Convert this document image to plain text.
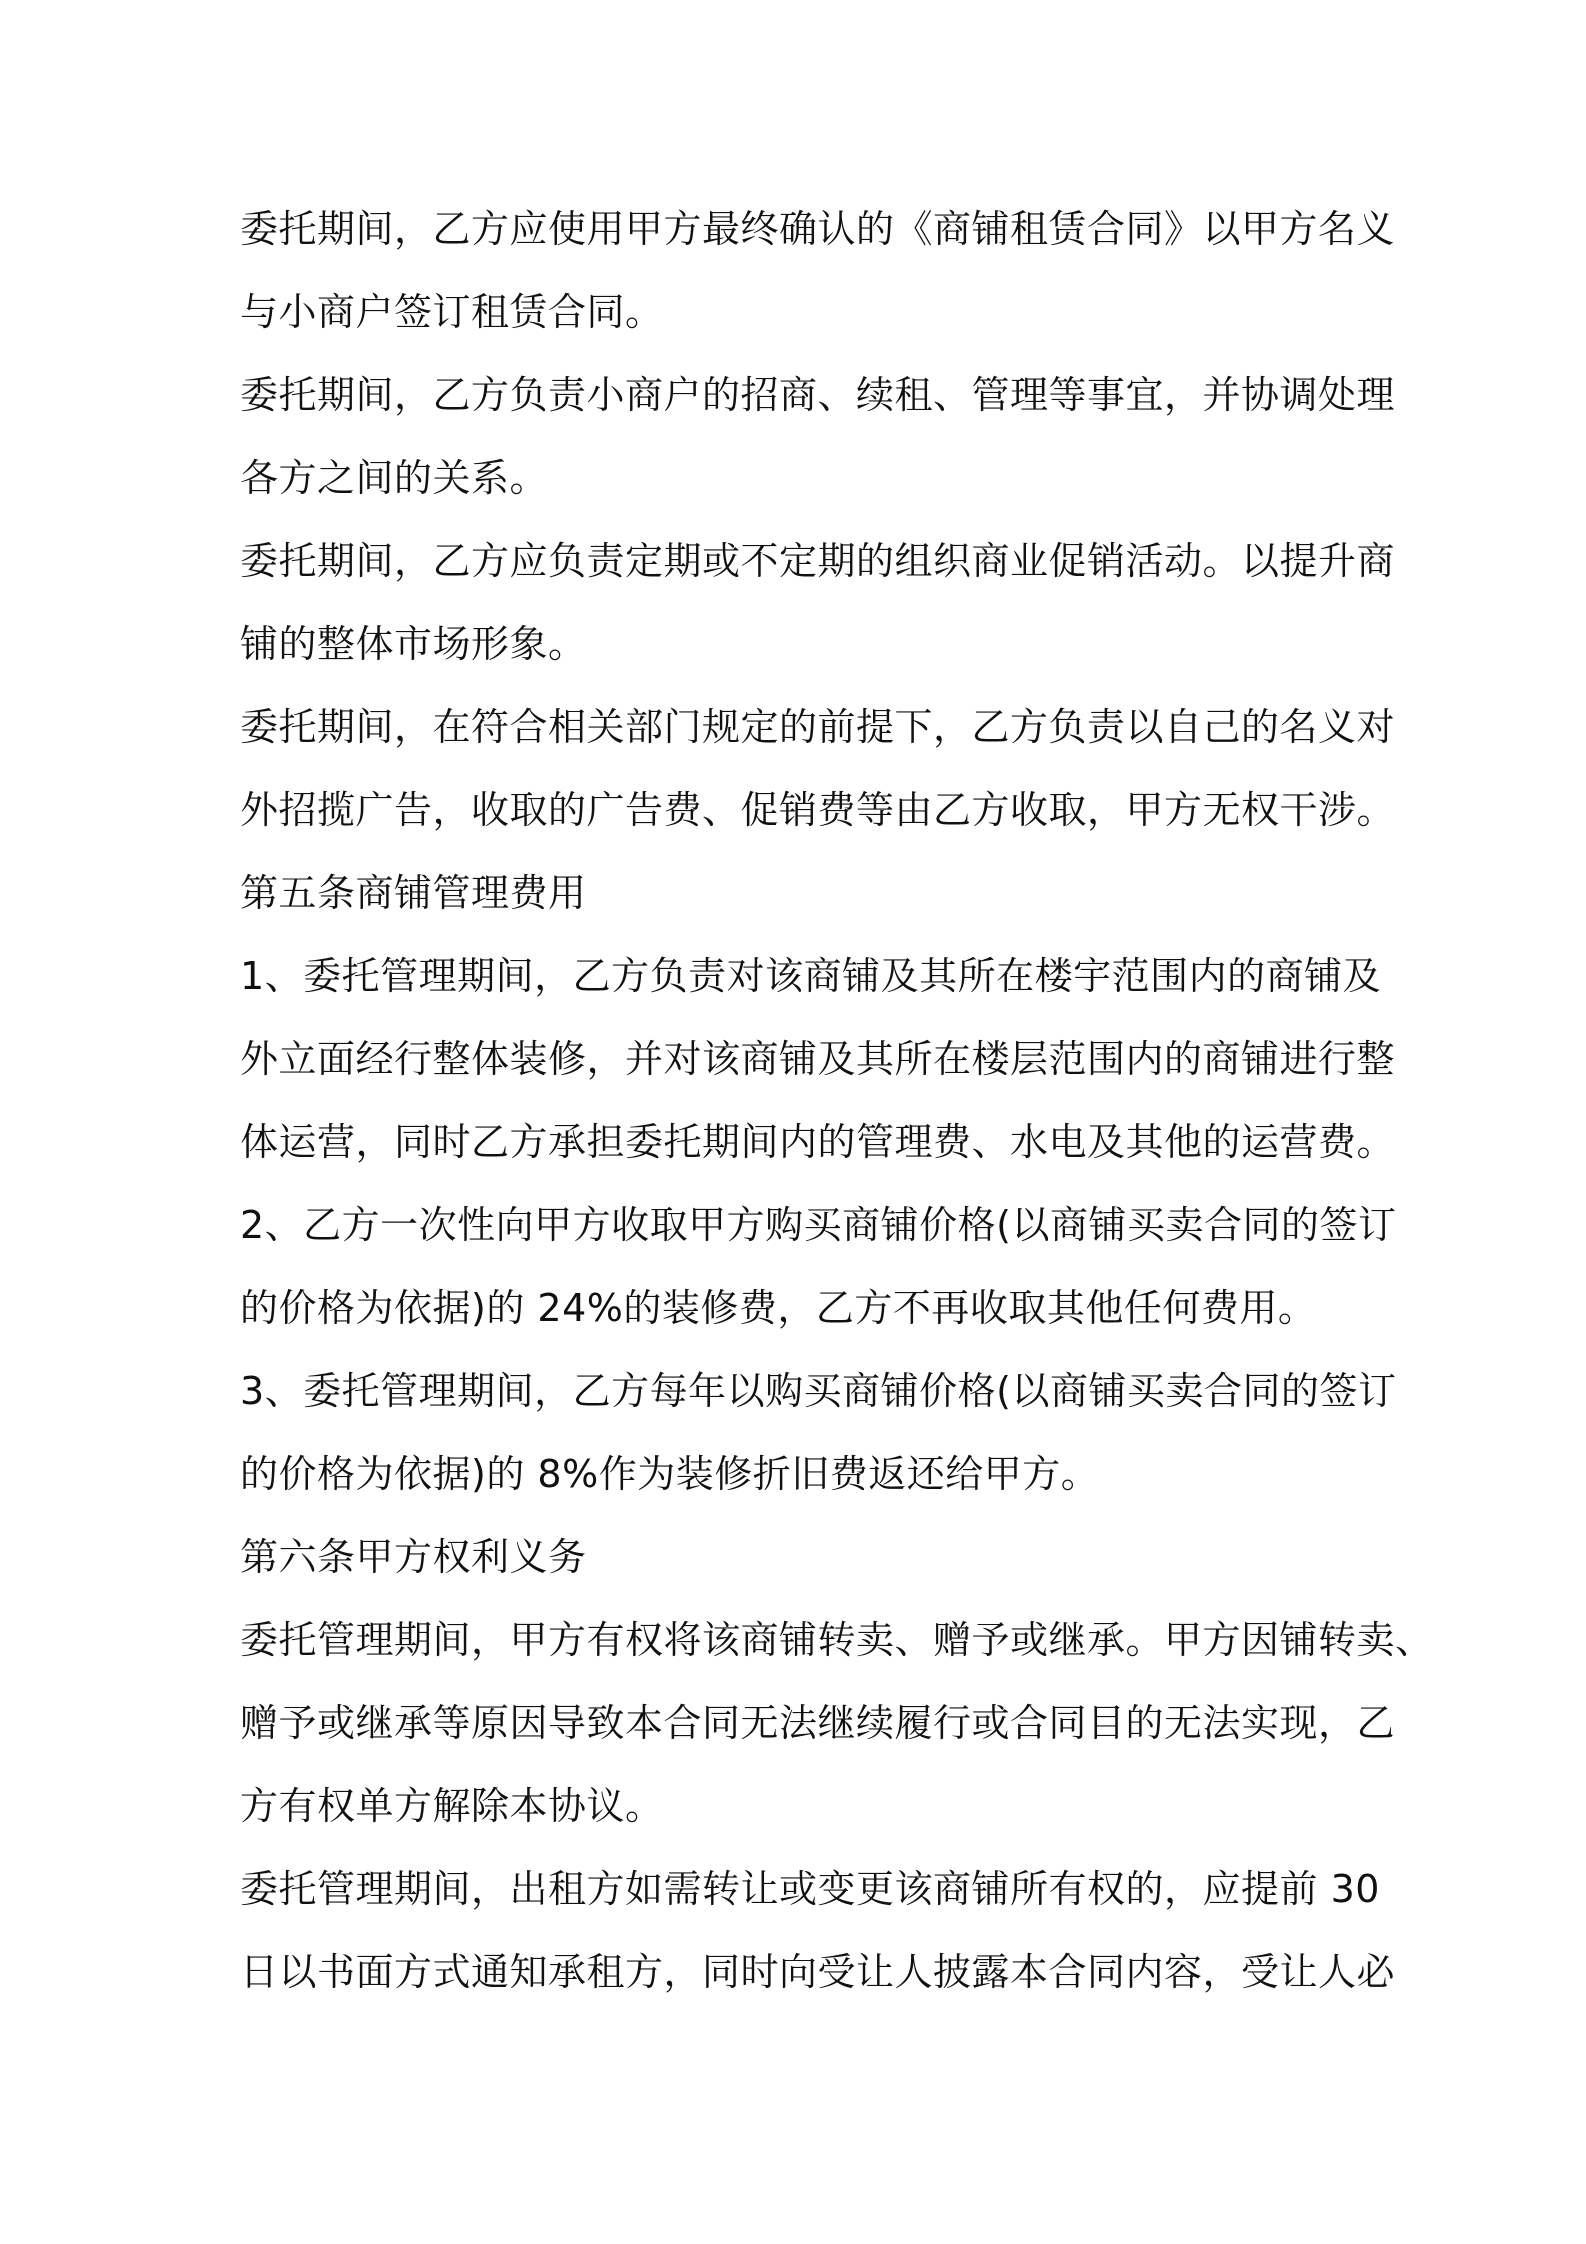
委托期间，乙方应使用甲方最终确认的《商铺租赁合同》以甲方名义
与小商户签订租赁合同。
委托期间，乙方负责小商户的招商、续租、管理等事宜，并协调处理
各方之间的关系。
委托期间，乙方应负责定期或不定期的组织商业促销活动。以提升商
铺的整体市场形象。
委托期间，在符合相关部门规定的前提下，乙方负责以自己的名义对
外招揽广告，收取的广告费、促销费等由乙方收取，甲方无权干涉。
第五条商铺管理费用
1、委托管理期间，乙方负责对该商铺及其所在楼宇范围内的商铺及
外立面经行整体装修，并对该商铺及其所在楼层范围内的商铺进行整
体运营，同时乙方承担委托期间内的管理费、水电及其他的运营费。
2、乙方一次性向甲方收取甲方购买商铺价格(以商铺买卖合同的签订
的价格为依据)的 24%的装修费，乙方不再收取其他任何费用。
3、委托管理期间，乙方每年以购买商铺价格(以商铺买卖合同的签订
的价格为依据)的 8%作为装修折旧费返还给甲方。
第六条甲方权利义务
委托管理期间，甲方有权将该商铺转卖、赠予或继承。甲方因铺转卖、
赠予或继承等原因导致本合同无法继续履行或合同目的无法实现，乙
方有权单方解除本协议。
委托管理期间，出租方如需转让或变更该商铺所有权的，应提前 30
日以书面方式通知承租方，同时向受让人披露本合同内容，受让人必
